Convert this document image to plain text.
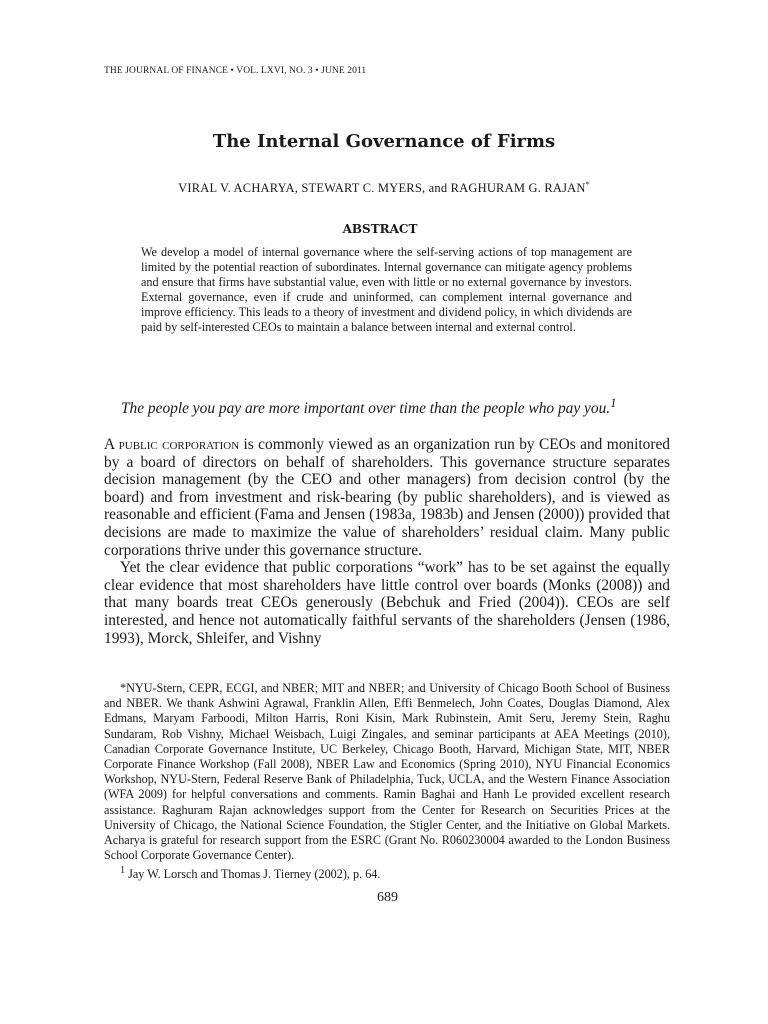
THE JOURNAL OF FINANCE • VOL. LXVI, NO. 3 • JUNE 2011
The Internal Governance of Firms
VIRAL V. ACHARYA, STEWART C. MYERS, and RAGHURAM G. RAJAN*
ABSTRACT
We develop a model of internal governance where the self-serving actions of top management are limited by the potential reaction of subordinates. Internal governance can mitigate agency problems and ensure that firms have substantial value, even with little or no external governance by investors. External governance, even if crude and uninformed, can complement internal governance and improve efficiency. This leads to a theory of investment and dividend policy, in which dividends are paid by self-interested CEOs to maintain a balance between internal and external control.
The people you pay are more important over time than the people who pay you.$^1$

A public corporation is commonly viewed as an organization run by CEOs and monitored by a board of directors on behalf of shareholders. This governance structure separates decision management (by the CEO and other managers) from decision control (by the board) and from investment and risk-bearing (by public shareholders), and is viewed as reasonable and efficient (Fama and Jensen (1983a, 1983b) and Jensen (2000)) provided that decisions are made to maximize the value of shareholders’ residual claim. Many public corporations thrive under this governance structure.

Yet the clear evidence that public corporations “work” has to be set against the equally clear evidence that most shareholders have little control over boards (Monks (2008)) and that many boards treat CEOs generously (Bebchuk and Fried (2004)). CEOs are self interested, and hence not automatically faithful servants of the shareholders (Jensen (1986, 1993), Morck, Shleifer, and Vishny

*NYU-Stern, CEPR, ECGI, and NBER; MIT and NBER; and University of Chicago Booth School of Business and NBER. We thank Ashwini Agrawal, Franklin Allen, Effi Benmelech, John Coates, Douglas Diamond, Alex Edmans, Maryam Farboodi, Milton Harris, Roni Kisin, Mark Rubinstein, Amit Seru, Jeremy Stein, Raghu Sundaram, Rob Vishny, Michael Weisbach, Luigi Zingales, and seminar participants at AEA Meetings (2010), Canadian Corporate Governance Institute, UC Berkeley, Chicago Booth, Harvard, Michigan State, MIT, NBER Corporate Finance Workshop (Fall 2008), NBER Law and Economics (Spring 2010), NYU Financial Economics Workshop, NYU-Stern, Federal Reserve Bank of Philadelphia, Tuck, UCLA, and the Western Finance Association (WFA 2009) for helpful conversations and comments. Ramin Baghai and Hanh Le provided excellent research assistance. Raghuram Rajan acknowledges support from the Center for Research on Securities Prices at the University of Chicago, the National Science Foundation, the Stigler Center, and the Initiative on Global Markets. Acharya is grateful for research support from the ESRC (Grant No. R060230004 awarded to the London Business School Corporate Governance Center).

$^1$ Jay W. Lorsch and Thomas J. Tierney (2002), p. 64.

689
